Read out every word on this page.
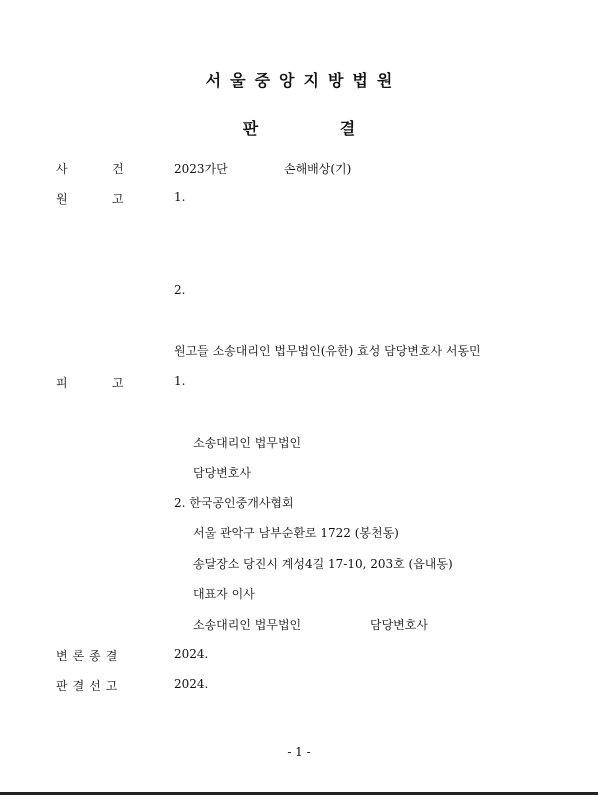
서울중앙지방법원
판 결
사	건	2023가단	손해배상(기)
원	고	1.
2.
원고들 소송대리인 법무법인(유한) 효성 담당변호사 서동민
피	고	1.
소송대리인 법무법인
담당변호사
2. 한국공인중개사협회
서울 관악구 남부순환로 1722 (봉천동)
송달장소 당진시 계성4길 17-10, 203호 (읍내동)
대표자 이사
소송대리인 법무법인	담당변호사
변론종결	2024.
판결선고	2024.
- 1 -
